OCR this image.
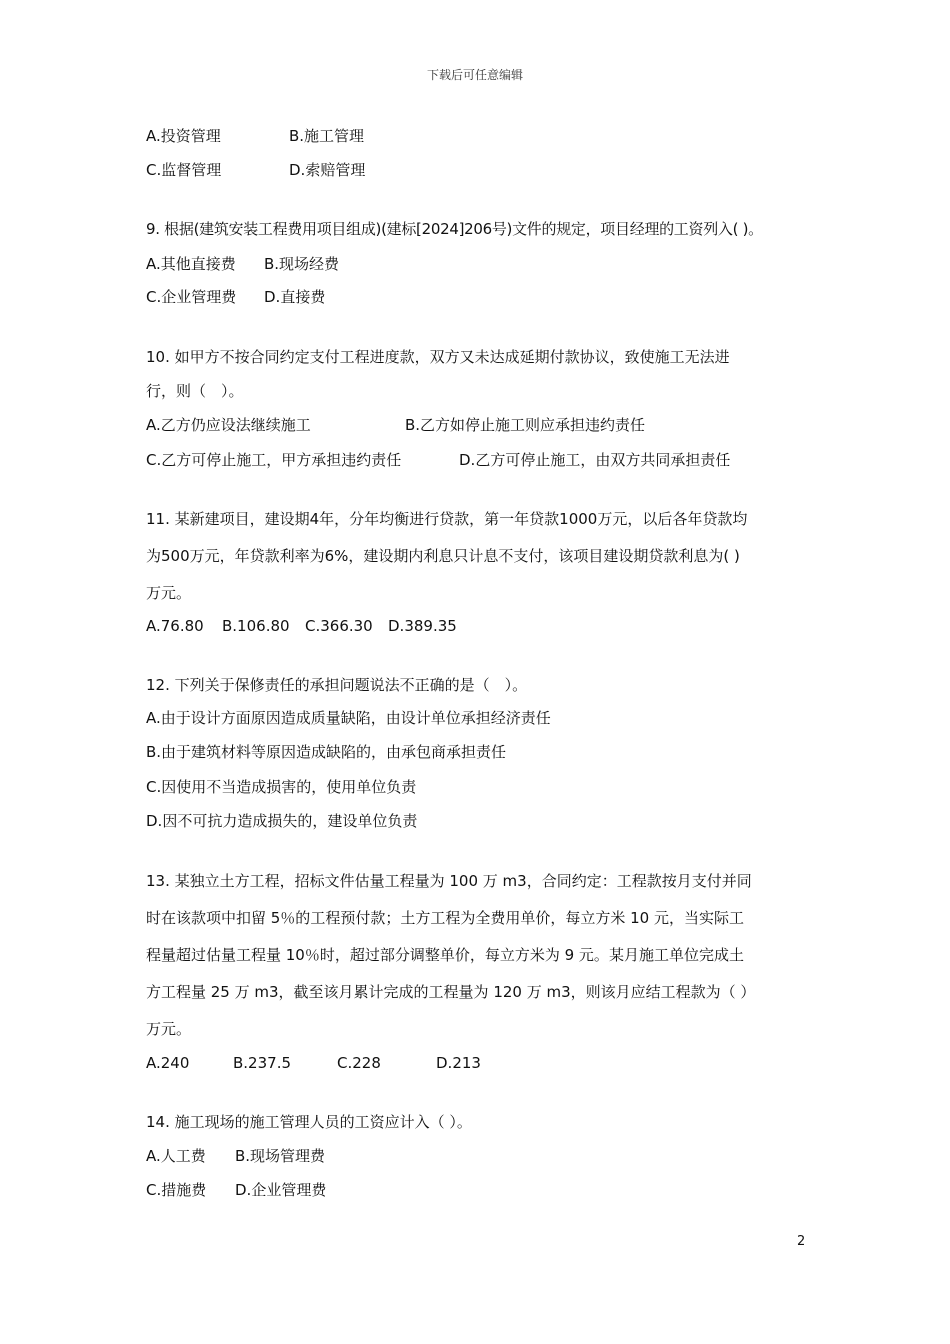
下载后可任意编辑
A.投资管理	B.施工管理
C.监督管理	D.索赔管理
9. 根据(建筑安装工程费用项目组成)(建标[2024]206号)文件的规定，项目经理的工资列入( )。
A.其他直接费 B.现场经费
C.企业管理费 D.直接费
10. 如甲方不按合同约定支付工程进度款，双方又未达成延期付款协议，致使施工无法进
行，则（　）。
A.乙方仍应设法继续施工	B.乙方如停止施工则应承担违约责任
C.乙方可停止施工，甲方承担违约责任	D.乙方可停止施工，由双方共同承担责任
11. 某新建项目，建设期4年，分年均衡进行贷款，第一年贷款1000万元，以后各年贷款均
为500万元，年贷款利率为6%，建设期内利息只计息不支付，该项目建设期贷款利息为( )
万元。
A.76.80 B.106.80 C.366.30 D.389.35
12. 下列关于保修责任的承担问题说法不正确的是（　）。
A.由于设计方面原因造成质量缺陷，由设计单位承担经济责任
B.由于建筑材料等原因造成缺陷的，由承包商承担责任
C.因使用不当造成损害的，使用单位负责
D.因不可抗力造成损失的，建设单位负责
13. 某独立土方工程，招标文件估量工程量为 100 万 m3，合同约定：工程款按月支付并同
时在该款项中扣留 5％的工程预付款；土方工程为全费用单价，每立方米 10 元，当实际工
程量超过估量工程量 10％时，超过部分调整单价，每立方米为 9 元。某月施工单位完成土
方工程量 25 万 m3，截至该月累计完成的工程量为 120 万 m3，则该月应结工程款为（ ）
万元。
A.240	B.237.5	C.228	D.213
14. 施工现场的施工管理人员的工资应计入（ ）。
A.人工费 B.现场管理费
C.措施费 D.企业管理费
2
